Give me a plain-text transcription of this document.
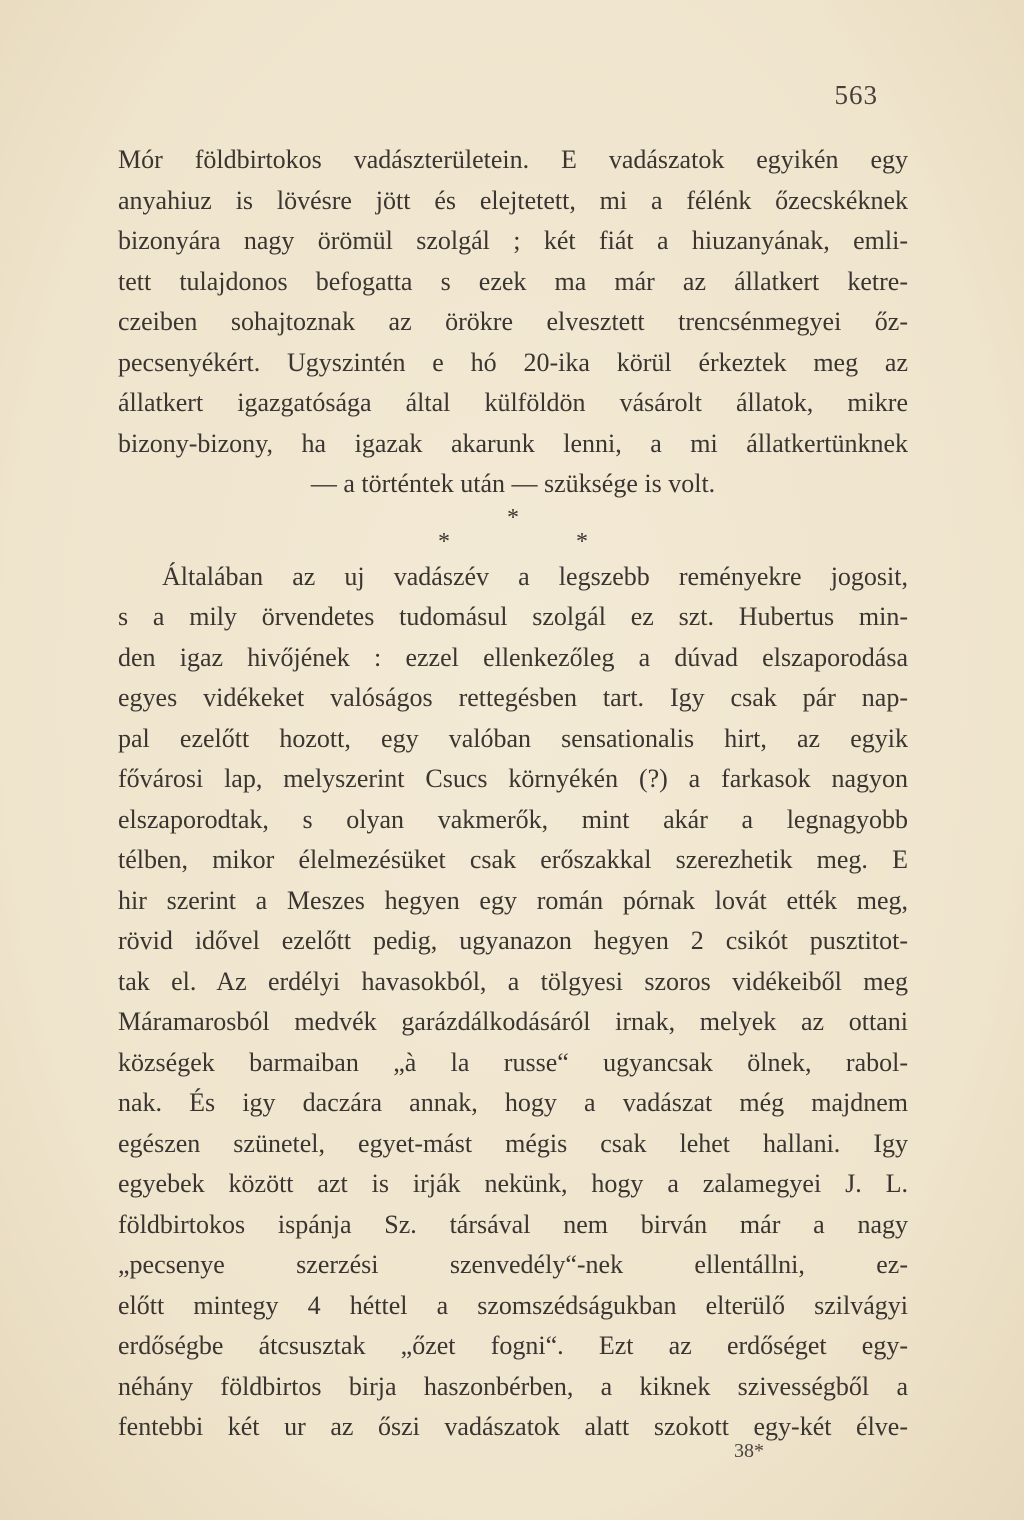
563
Mór földbirtokos vadászterületein. E vadászatok egyikén egy
anyahiuz is lövésre jött és elejtetett, mi a félénk őzecskéknek
bizonyára nagy örömül szolgál ; két fiát a hiuzanyának, emli-
tett tulajdonos befogatta s ezek ma már az állatkert ketre-
czeiben sohajtoznak az örökre elvesztett trencsénmegyei őz-
pecsenyékért. Ugyszintén e hó 20-ika körül érkeztek meg az
állatkert igazgatósága által külföldön vásárolt állatok, mikre
bizony-bizony, ha igazak akarunk lenni, a mi állatkertünknek
— a történtek után — szüksége is volt.
*
* *
Általában az uj vadászév a legszebb reményekre jogosit,
s a mily örvendetes tudomásul szolgál ez szt. Hubertus min-
den igaz hivőjének : ezzel ellenkezőleg a dúvad elszaporodása
egyes vidékeket valóságos rettegésben tart. Igy csak pár nap-
pal ezelőtt hozott, egy valóban sensationalis hirt, az egyik
fővárosi lap, melyszerint Csucs környékén (?) a farkasok nagyon
elszaporodtak, s olyan vakmerők, mint akár a legnagyobb
télben, mikor élelmezésüket csak erőszakkal szerezhetik meg. E
hir szerint a Meszes hegyen egy román pórnak lovát ették meg,
rövid idővel ezelőtt pedig, ugyanazon hegyen 2 csikót pusztitot-
tak el. Az erdélyi havasokból, a tölgyesi szoros vidékeiből meg
Máramarosból medvék garázdálkodásáról irnak, melyek az ottani
községek barmaiban „à la russe“ ugyancsak ölnek, rabol-
nak. És igy daczára annak, hogy a vadászat még majdnem
egészen szünetel, egyet-mást mégis csak lehet hallani. Igy
egyebek között azt is irják nekünk, hogy a zalamegyei J. L.
földbirtokos ispánja Sz. társával nem birván már a nagy
„pecsenye szerzési szenvedély“-nek ellentállni, ez-
előtt mintegy 4 héttel a szomszédságukban elterülő szilvágyi
erdőségbe átcsusztak „őzet fogni“. Ezt az erdőséget egy-
néhány földbirtos birja haszonbérben, a kiknek szivességből a
fentebbi két ur az őszi vadászatok alatt szokott egy-két élve-
38*
